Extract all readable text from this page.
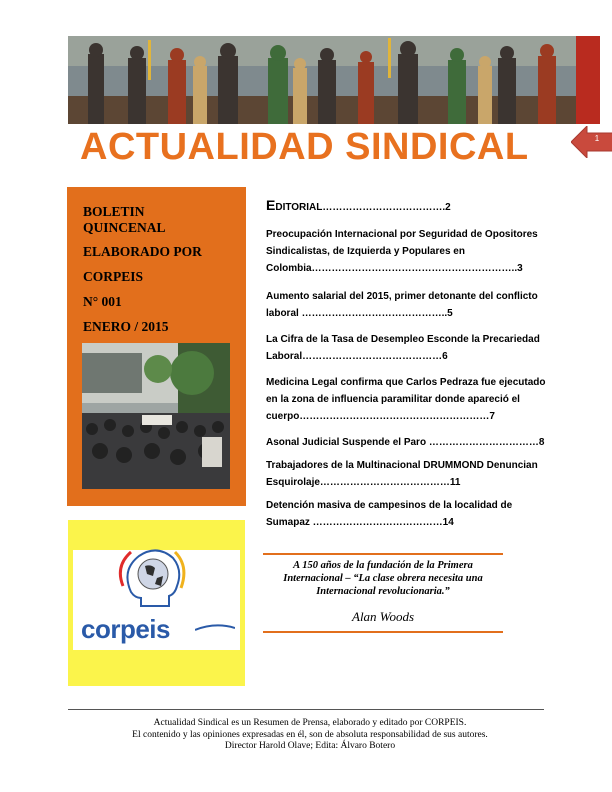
1
ACTUALIDAD SINDICAL
BOLETIN
QUINCENAL
ELABORADO POR
CORPEIS
N° 001
ENERO / 2015
corpeis
EDITORIAL……………………………….2
Preocupación Internacional por Seguridad de Opositores Sindicalistas, de Izquierda y Populares en Colombia……………………………………………………..3
Aumento salarial del 2015, primer detonante del conflicto laboral ……………………………………..5
La Cifra de la Tasa de Desempleo Esconde la Precariedad Laboral……………………………………6
Medicina Legal confirma que Carlos Pedraza fue ejecutado en la zona de influencia paramilitar donde apareció el cuerpo…………………………………………………7
Asonal Judicial Suspende el Paro ……………………………8
Trabajadores de la Multinacional DRUMMOND Denuncian Esquirolaje…………………………………11
Detención masiva de campesinos de la localidad de Sumapaz …………………………………14
A 150 años de la fundación de la Primera Internacional – “La clase obrera necesita una Internacional revolucionaria.”
Alan Woods
Actualidad Sindical es un Resumen de Prensa, elaborado y editado por CORPEIS.
El contenido y las opiniones expresadas en él, son de absoluta responsabilidad de sus autores.
Director Harold Olave; Edita: Álvaro Botero
